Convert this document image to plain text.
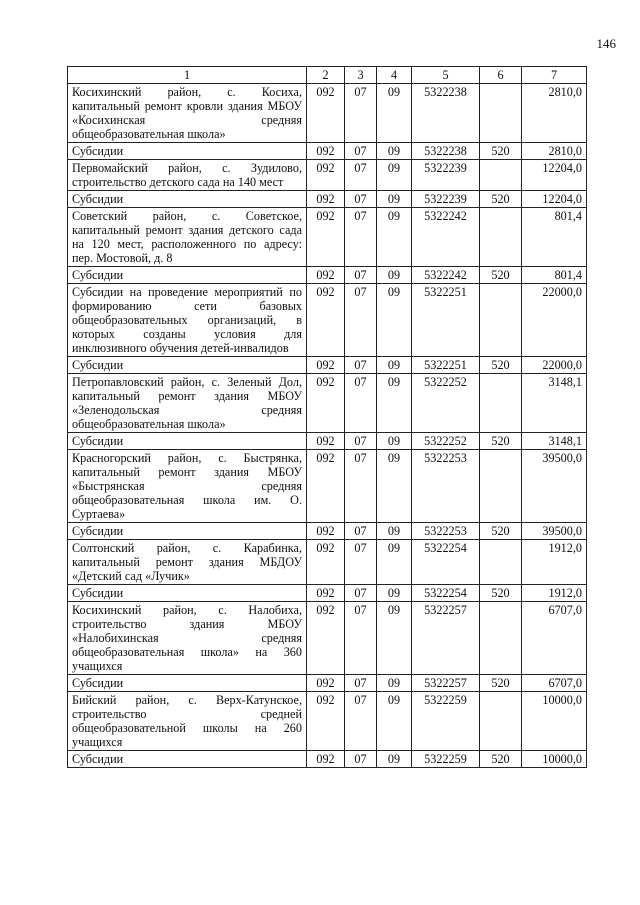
146
1	2	3	4	5	6	7
Косихинский район, с. Косиха, капитальный ремонт кровли здания МБОУ «Косихинская средняя общеобразовательная школа»	092	07	09	5322238		2810,0
Субсидии	092	07	09	5322238	520	2810,0
Первомайский район, с. Зудилово, строительство детского сада на 140 мест	092	07	09	5322239		12204,0
Субсидии	092	07	09	5322239	520	12204,0
Советский район, с. Советское, капитальный ремонт здания детского сада на 120 мест, расположенного по адресу: пер. Мостовой, д. 8	092	07	09	5322242		801,4
Субсидии	092	07	09	5322242	520	801,4
Субсидии на проведение мероприятий по формированию сети базовых общеобразовательных организаций, в которых созданы условия для инклюзивного обучения детей-инвалидов	092	07	09	5322251		22000,0
Субсидии	092	07	09	5322251	520	22000,0
Петропавловский район, с. Зеленый Дол, капитальный ремонт здания МБОУ «Зеленодольская средняя общеобразовательная школа»	092	07	09	5322252		3148,1
Субсидии	092	07	09	5322252	520	3148,1
Красногорский район, с. Быстрянка, капитальный ремонт здания МБОУ «Быстрянская средняя общеобразовательная школа им. О. Суртаева»	092	07	09	5322253		39500,0
Субсидии	092	07	09	5322253	520	39500,0
Солтонский район, с. Карабинка, капитальный ремонт здания МБДОУ «Детский сад «Лучик»	092	07	09	5322254		1912,0
Субсидии	092	07	09	5322254	520	1912,0
Косихинский район, с. Налобиха, строительство здания МБОУ «Налобихинская средняя общеобразовательная школа» на 360 учащихся	092	07	09	5322257		6707,0
Субсидии	092	07	09	5322257	520	6707,0
Бийский район, с. Верх-Катунское, строительство средней общеобразовательной школы на 260 учащихся	092	07	09	5322259		10000,0
Субсидии	092	07	09	5322259	520	10000,0
